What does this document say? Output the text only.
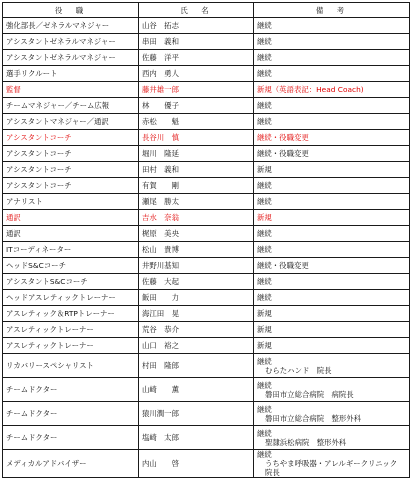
役　職	氏　名	備　考
強化部長／ゼネラルマネジャー	山谷　拓志	継続
アシスタントゼネラルマネジャー	串田　義和	継続
アシスタントゼネラルマネジャー	佐藤　洋平	継続
選手リクルート	西内　勇人	継続
監督	藤井雄一郎	新規（英語表記：Head Coach)
チームマネジャー／チーム広報	林　　優子	継続
アシスタントマネジャー／通訳	赤松　　魁	継続
アシスタントコーチ	長谷川　慎	継続・役職変更
アシスタントコーチ	堀川　隆延	継続・役職変更
アシスタントコーチ	田村　義和	新規
アシスタントコーチ	有賀　　剛	継続
アナリスト	瀬尾　勝太	継続
通訳	吉水　奈翁	新規
通訳	梶原　美央	継続
ITコーディネーター	松山　貴博	継続
ヘッドS&Cコーチ	井野川基知	継続・役職変更
アシスタントS&Cコーチ	佐藤　大起	継続
ヘッドアスレティックトレーナー	飯田　　力	継続
アスレティック＆RTPトレーナー	海江田　晃	新規
アスレティックトレーナー	荒谷　恭介	新規
アスレティックトレーナー	山口　裕之	新規
リカバリースペシャリスト	村田　隆郎	継続
むらたハンド　院長

チームドクター	山崎　　薫	継続
磐田市立総合病院　病院長

チームドクター	猿川潤一郎	継続
磐田市立総合病院　整形外科

チームドクター	塩崎　太郎	継続
聖隷浜松病院　整形外科

メディカルアドバイザー	内山　　啓	継続
うちやま呼吸器・アレルギークリニック
院長
